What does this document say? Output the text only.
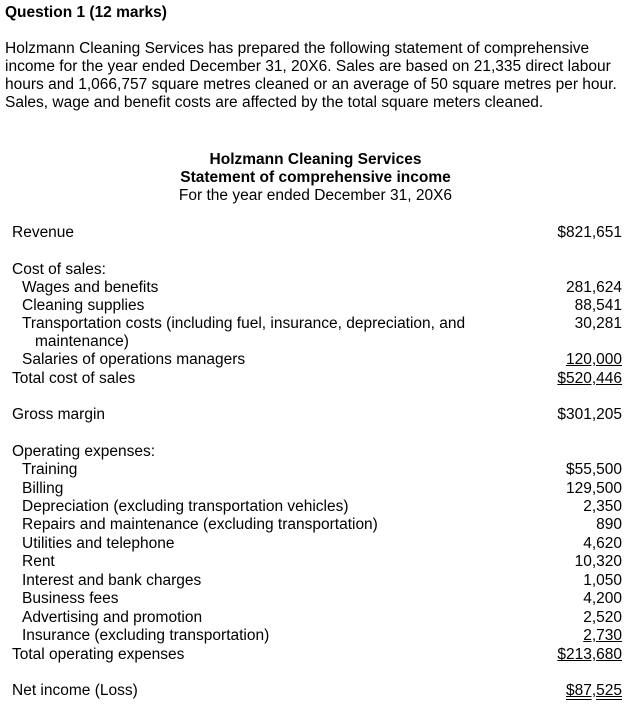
Question 1 (12 marks)
Holzmann Cleaning Services has prepared the following statement of comprehensive income for the year ended December 31, 20X6. Sales are based on 21,335 direct labour hours and 1,066,757 square metres cleaned or an average of 50 square metres per hour. Sales, wage and benefit costs are affected by the total square meters cleaned.
Holzmann Cleaning Services
Statement of comprehensive income
For the year ended December 31, 20X6
Revenue	$821,651
Cost of sales:
Wages and benefits	281,624
Cleaning supplies	88,541
Transportation costs (including fuel, insurance, depreciation, and	30,281
maintenance)
Salaries of operations managers	120,000
Total cost of sales	$520,446
Gross margin	$301,205
Operating expenses:
Training	$55,500
Billing	129,500
Depreciation (excluding transportation vehicles)	2,350
Repairs and maintenance (excluding transportation)	890
Utilities and telephone	4,620
Rent	10,320
Interest and bank charges	1,050
Business fees	4,200
Advertising and promotion	2,520
Insurance (excluding transportation)	2,730
Total operating expenses	$213,680
Net income (Loss)	$87,525
